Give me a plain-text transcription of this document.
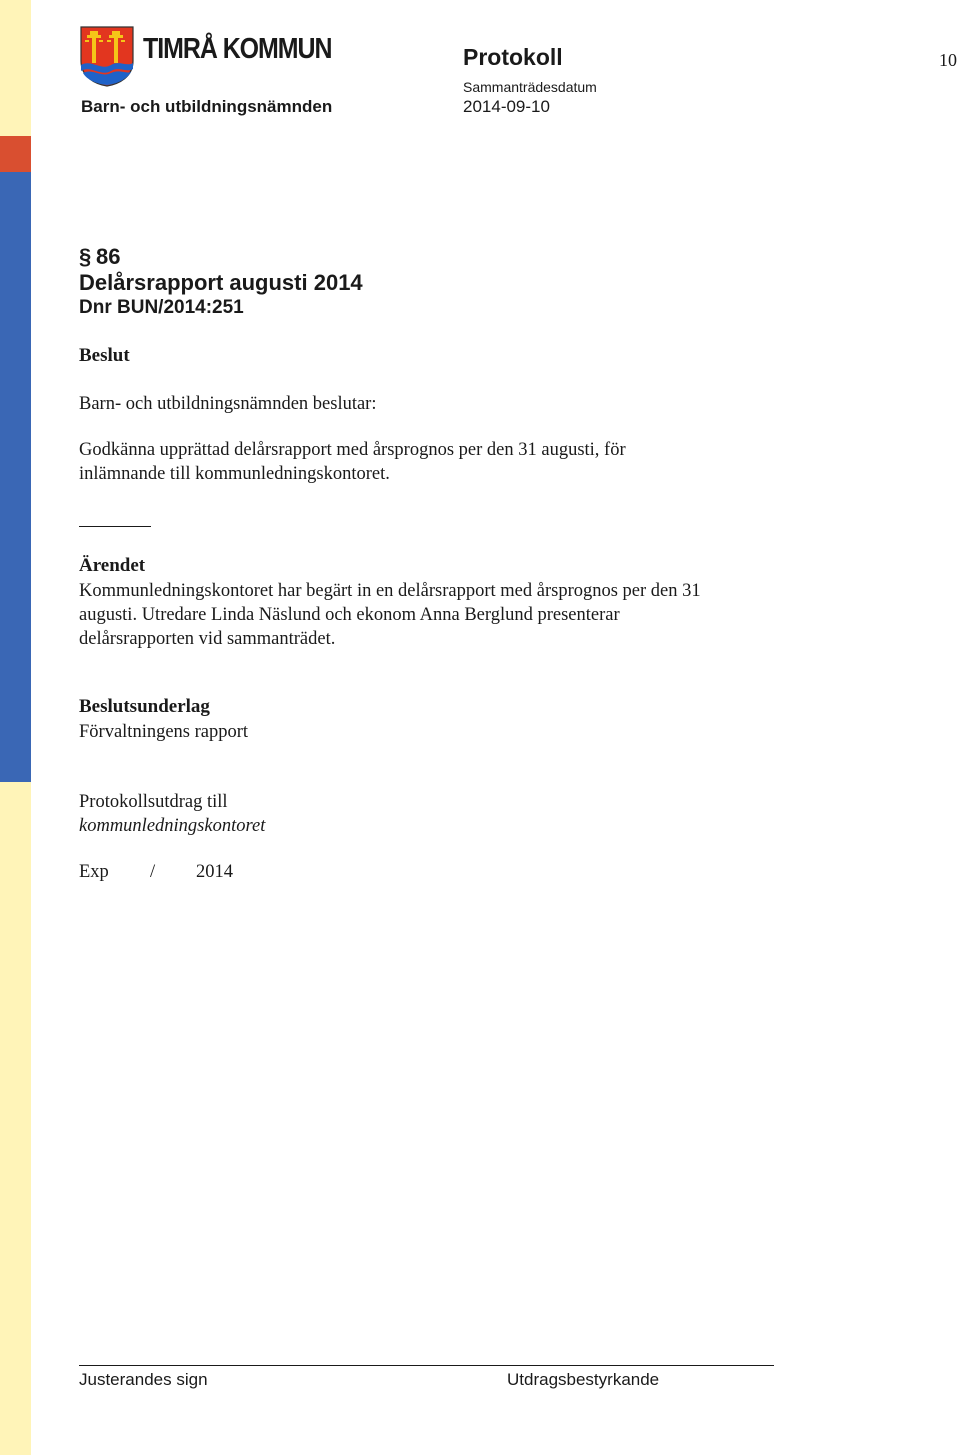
TIMRÅ KOMMUN
Barn- och utbildningsnämnden
Protokoll
Sammanträdesdatum
2014-09-10
10
§ 86
Delårsrapport augusti 2014
Dnr BUN/2014:251
Beslut
Barn- och utbildningsnämnden beslutar:
Godkänna upprättad delårsrapport med årsprognos per den 31 augusti, för
inlämnande till kommunledningskontoret.
Ärendet
Kommunledningskontoret har begärt in en delårsrapport med årsprognos per den 31
augusti. Utredare Linda Näslund och ekonom Anna Berglund presenterar
delårsrapporten vid sammanträdet.
Beslutsunderlag
Förvaltningens rapport
Protokollsutdrag till
kommunledningskontoret
Exp / 2014
Justerandes sign	Utdragsbestyrkande
